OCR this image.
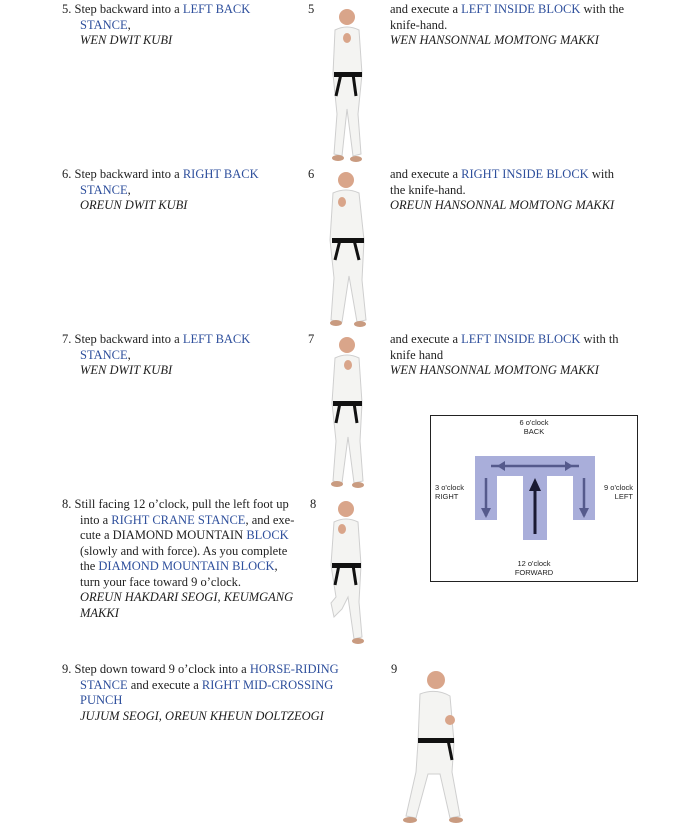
5. Step backward into a LEFT BACK

STANCE,
WEN DWIT KUBI
5	and execute a LEFT INSIDE BLOCK with the
knife-hand.
WEN HANSONNAL MOMTONG MAKKI
6. Step backward into a RIGHT BACK

STANCE,
OREUN DWIT KUBI
6	and execute a RIGHT INSIDE BLOCK with
the knife-hand.
OREUN HANSONNAL MOMTONG MAKKI
7. Step backward into a LEFT BACK

STANCE,
WEN DWIT KUBI
7	and execute a LEFT INSIDE BLOCK with th
knife hand
WEN HANSONNAL MOMTONG MAKKI
8. Still facing 12 o’clock, pull the left foot up

into a RIGHT CRANE STANCE, and exe-
cute a DIAMOND MOUNTAIN BLOCK
(slowly and with force). As you complete
the DIAMOND MOUNTAIN BLOCK,
turn your face toward 9 o’clock.
OREUN HAKDARI SEOGI, KEUMGANG
MAKKI
8
9. Step down toward 9 o’clock into a HORSE-RIDING

STANCE and execute a RIGHT MID-CROSSING
PUNCH
JUJUM SEOGI, OREUN KHEUN DOLTZEOGI
9
6 o'clock
BACK
3 o'clock
RIGHT
9 o'clock
LEFT
12 o'clock
FORWARD
